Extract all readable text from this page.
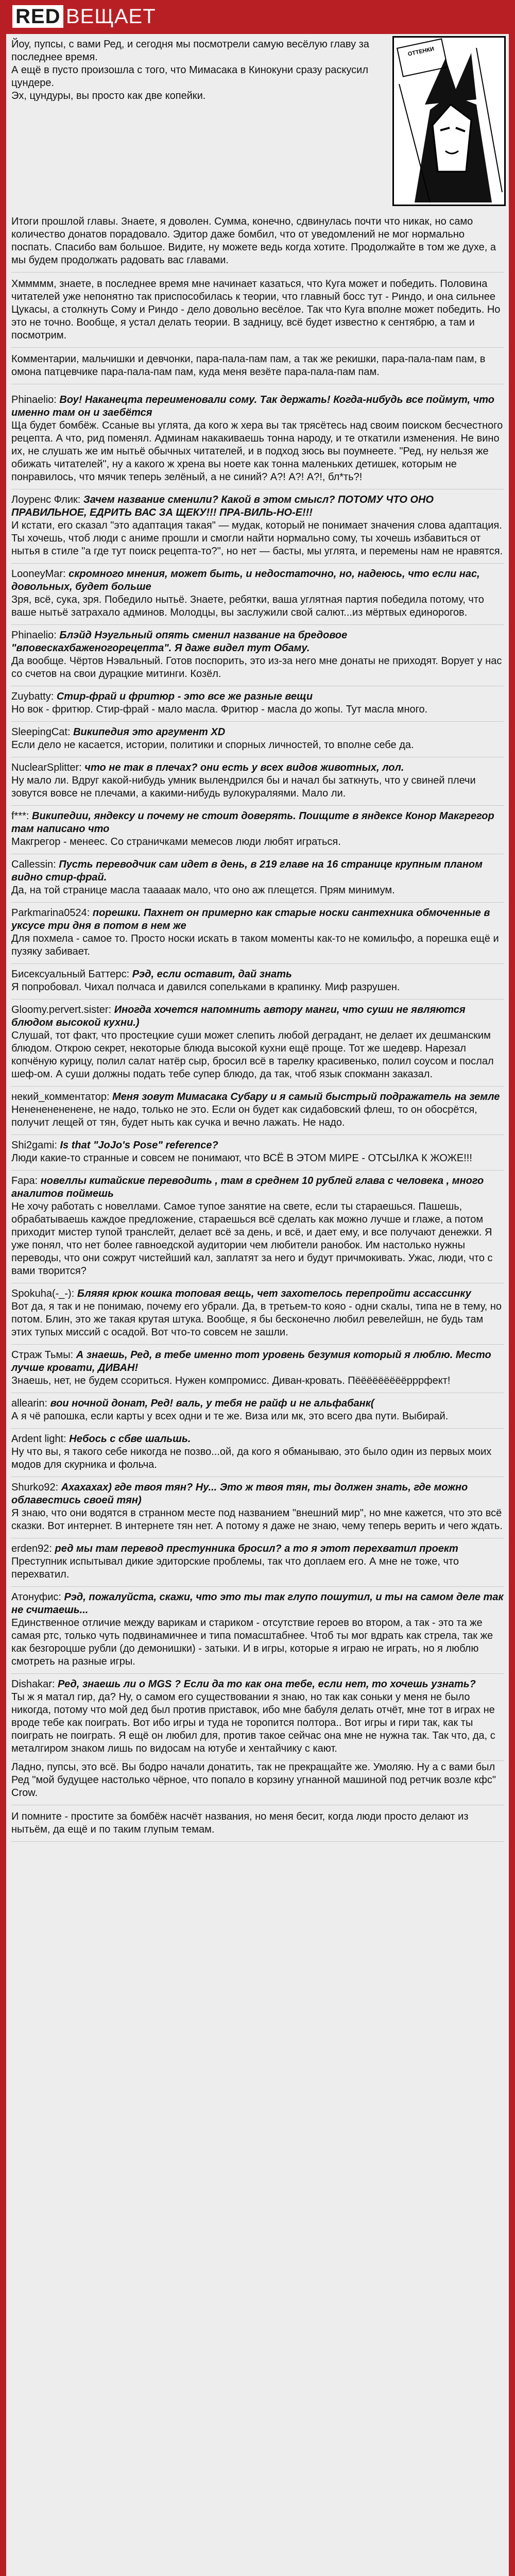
RED ВЕЩАЕТ
Йоу, пупсы, с вами Ред, и сегодня мы посмотрели самую весёлую главу за последнее время.
А ещё в пусто произошла с того, что Мимасака в Кинокуни сразу раскусил цундере.
Эх, цундуры, вы просто как две копейки.
ОТТЕНКИ

Итоги прошлой главы. Знаете, я доволен. Сумма, конечно, сдвинулась почти что никак, но само количество донатов порадовало. Эдитор даже бомбил, что от уведомлений не мог нормально поспать. Спасибо вам большое. Видите, ну можете ведь когда хотите. Продолжайте в том же духе, а мы будем продолжать радовать вас главами.

Хммммм, знаете, в последнее время мне начинает казаться, что Куга может и победить. Половина читателей уже непонятно так приспособилась к теории, что главный босс тут - Риндо, и она сильнее Цукасы, а столкнуть Сому и Риндо - дело довольно весёлое. Так что Куга вполне может победить. Но это не точно. Вообще, я устал делать теории. В задницу, всё будет известно к сентябрю, а там и посмотрим.

Комментарии, мальчишки и девчонки, пара-пала-пам пам, а так же рекишки, пара-пала-пам пам, в омона патцевчике пара-пала-пам пам, куда меня везёте пара-пала-пам пам.

Phinaelio: Воу! Наканецта переименовали сому. Так держать! Когда-нибудь все поймут, что именно там он и заебётся
Ща будет бомбёж. Ссаные вы углята, да кого ж хера вы так трясётесь над своим поиском бесчестного рецепта. А что, рид поменял. Админам накакиваешь тонна народу, и те откатили изменения. Не вино их, не слушать же им нытьё обычных читателей, и в подход зюсь вы поумнеете. "Ред, ну нельзя же обижать читателей", ну а какого ж хрена вы ноете как тонна маленьких детишек, которым не понравилось, что мячик теперь зелёный, а не синий? А?! А?! А?!, бл*ть?!

Лоуренс Флик: Зачем название сменили? Какой в этом смысл? ПОТОМУ ЧТО ОНО ПРАВИЛЬНОЕ, ЕДРИТЬ ВАС ЗА ЩЕКУ!!! ПРА-ВИЛЬ-НО-Е!!!
И кстати, его сказал "это адаптация такая" — мудак, который не понимает значения слова адаптация. Ты хочешь, чтоб люди с аниме прошли и смогли найти нормально сому, ты хочешь избавиться от нытья в стиле "а где тут поиск рецепта-то?", но нет — басты, мы углята, и перемены нам не нравятся.

LooneyMar: скромного мнения, может быть, и недостаточно, но, надеюсь, что если нас, довольных, будет больше
Зря, всё, сука, зря. Победило нытьё. Знаете, ребятки, ваша углятная партия победила потому, что ваше нытьё затрахало админов. Молодцы, вы заслужили свой салют...из мёртвых единорогов.

Phinaelio: Блэйд Нэугльный опять сменил название на бредовое "вповескахбаженогорецепта". Я даже видел тут Обаму.
Да вообще. Чёртов Нэвальный. Готов поспорить, это из-за него мне донаты не приходят. Ворует у нас со счетов на свои дурацкие митинги. Козёл.

Zuybatty: Стир-фрай и фритюр - это все же разные вещи
Но вок - фритюр. Стир-фрай - мало масла. Фритюр - масла до жопы. Тут масла много.

SleepingCat: Википедия это аргумент XD
Если дело не касается, истории, политики и спорных личностей, то вполне себе да.

NuclearSplitter: что не так в плечах? они есть у всех видов животных, лол.
Ну мало ли. Вдруг какой-нибудь умник вылендрился бы и начал бы заткнуть, что у свиней плечи зовутся вовсе не плечами, а какими-нибудь вулокураляями. Мало ли.

f***: Википедии, яндексу и почему не стоит доверять. Поищите в яндексе Конор Макгрегор там написано что
Макгрегор - менеес. Со страничками мемесов люди любят играться.

Callessin: Пусть переводчик сам идет в день, в 219 главе на 16 странице крупным планом видно стир-фрай.
Да, на той странице масла тааааак мало, что оно аж плещется. Прям минимум.

Parkmarina0524: порешки. Пахнет он примерно как старые носки сантехника обмоченные в уксусе три дня в потом в нем же
Для похмела - самое то. Просто носки искать в таком моменты как-то не комильфо, а порешка ещё и пузяку забивает.

Бисексуальный Баттерс: Рэд, если оставит, дай знать
Я попробовал. Чихал полчаса и давился сопельками в крапинку. Миф разрушен.

Gloomy.pervert.sister: Иногда хочется напомнить автору манги, что суши не являются блюдом высокой кухни.)
Слушай, тот факт, что простецкие суши может слепить любой деградант, не делает их дешманским блюдом. Открою секрет, некоторые блюда высокой кухни ещё проще. Тот же шедевр. Нарезал копчёную курицу, полил салат натёр сыр, бросил всё в тарелку красивенько, полил соусом и послал шеф-ом. А суши должны подать тебе супер блюдо, да так, чтоб язык спокманн заказал.

некий_комментатор: Меня зовут Мимасака Субару и я самый быстрый подражатель на земле
Ненененененене, не надо, только не это. Если он будет как сидабовский флеш, то он обосрётся, получит лещей от тян, будет ныть как сучка и вечно лажать. Не надо.

Shi2gami: Is that "JoJo's Pose" reference?
Люди какие-то странные и совсем не понимают, что ВСЁ В ЭТОМ МИРЕ - ОТСЫЛКА К ЖОЖЕ!!!

Fapa: новеллы китайские переводить , там в среднем 10 рублей глава с человека , много аналитов поймешь
Не хочу работать с новеллами. Самое тупое занятие на свете, если ты стараешься. Пашешь, обрабатываешь каждое предложение, стараешься всё сделать как можно лучше и глаже, а потом приходит мистер тупой транслейт, делает всё за день, и всё, и дает ему, и все получают денежки. Я уже понял, что нет более гавноедской аудитории чем любители ранобок. Им настолько нужны переводы, что они сожрут чистейший кал, заплатят за него и будут причмокивать. Ужас, люди, что с вами творится?

Spokuha(-_-): Бляяя крюк кошка топовая вещь, чет захотелось перепройти ассассинку
Вот да, я так и не понимаю, почему его убрали. Да, в третьем-то кояо - одни скалы, типа не в тему, но потом. Блин, это же такая крутая штука. Вообще, я бы бесконечно любил ревелейшн, не будь там этих тупых миссий с осадой. Вот что-то совсем не зашли.

Страж Тьмы: А знаешь, Ред, в тебе именно тот уровень безумия который я люблю. Место лучше кровати, ДИВАН!
Знаешь, нет, не будем ссориться. Нужен компромисс. Диван-кровать. Пёёёёёёёёёрррфект!

allearin: вои ночной донат, Ред! валь, у тебя не райф и не альфабанк(
А я чё рапошка, если карты у всех одни и те же. Виза или мк, это всего два пути. Выбирай.

Ardent light: Небось с сбве шальшь.
Ну что вы, я такого себе никогда не позво...ой, да кого я обманываю, это было один из первых моих модов для скурника и фольча.

Shurko92: Ахахахах) где твоя тян? Ну... Это ж твоя тян, ты должен знать, где можно облавестись своей тян)
Я знаю, что они водятся в странном месте под названием "внешний мир", но мне кажется, что это всё сказки. Вот интернет. В интернете тян нет. А потому я даже не знаю, чему теперь верить и чего ждать.

erden92: ред мы там перевод престунника бросил? а то я этот перехватил проект
Преступник испытывал дикие эдиторские проблемы, так что доплаем его. А мне не тоже, что перехватил.

Атонуфис: Рэд, пожалуйста, скажи, что это ты так глупо пошутил, и ты на самом деле так не считаешь...
Единственное отличие между варикам и стариком - отсутствие героев во втором, а так - это та же самая ртс, только чуть подвинамичнее и типа помасштабнее. Чтоб ты мог вдрать как стрела, так же как безгороцше рубли (до демонишки) - затыки. И в игры, которые я играю не играть, но я люблю смотреть на разные игры.

Dishakar: Ред, знаешь ли о MGS ? Если да то как она тебе, если нет, то хочешь узнать?
Ты ж я матал гир, да? Ну, о самом его существовании я знаю, но так как соньки у меня не было никогда, потому что мой дед был против приставок, ибо мне бабуля делать отчёт, мне тот в играх не вроде тебе как поиграть. Вот ибо игры и туда не торопится полтора.. Вот игры и гири так, как ты поиграть не поиграть. Я ещё он любил для, против такое сейчас она мне не нужна так. Так что, да, с металгиром знаком лишь по видосам на ютубе и хентайчику с кают.

Ладно, пупсы, это всё. Вы бодро начали донатить, так не прекращайте же. Умоляю. Ну а с вами был Ред "мой будущее настолько чёрное, что попало в корзину угнанной машиной под ретчик возле кфс" Crow.

И помните - простите за бомбёж насчёт названия, но меня бесит, когда люди просто делают из нытьём, да ещё и по таким глупым темам.
